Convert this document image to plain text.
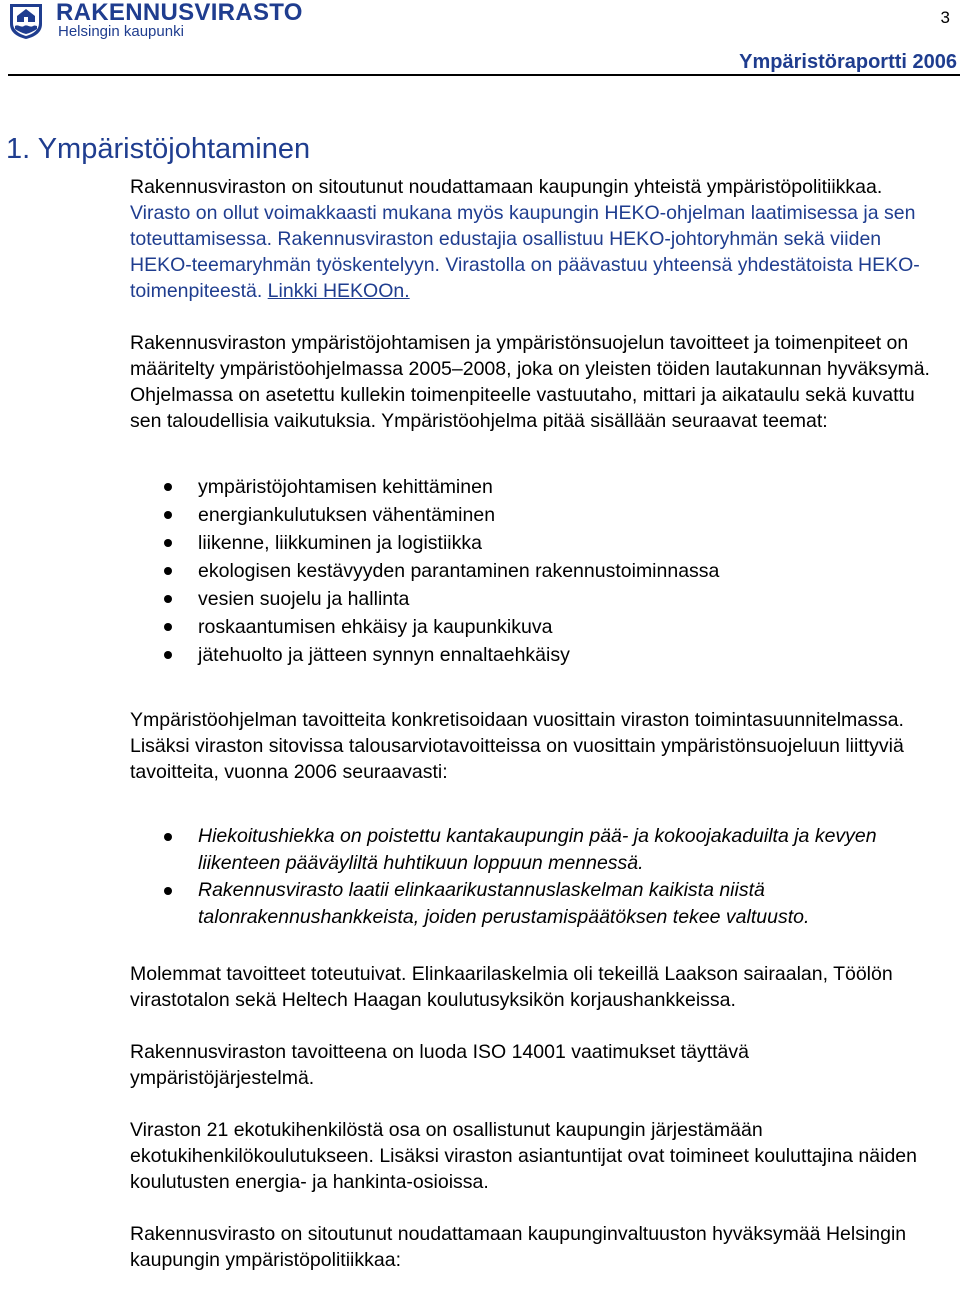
RAKENNUSVIRASTO
Helsingin kaupunki
3
Ympäristöraportti 2006
1. Ympäristöjohtaminen

Rakennusviraston on sitoutunut noudattamaan kaupungin yhteistä ympäristöpolitiikkaa. Virasto on ollut voimakkaasti mukana myös kaupungin HEKO-ohjelman laatimisessa ja sen toteuttamisessa. Rakennusviraston edustajia osallistuu HEKO-johtoryhmän sekä viiden HEKO-teemaryhmän työskentelyyn. Virastolla on päävastuu yhteensä yhdestätoista HEKO-toimenpiteestä. Linkki HEKOOn.

Rakennusviraston ympäristöjohtamisen ja ympäristönsuojelun tavoitteet ja toimenpiteet on määritelty ympäristöohjelmassa 2005–2008, joka on yleisten töiden lautakunnan hyväksymä. Ohjelmassa on asetettu kullekin toimenpiteelle vastuutaho, mittari ja aikataulu sekä kuvattu sen taloudellisia vaikutuksia. Ympäristöohjelma pitää sisällään seuraavat teemat:

ympäristöjohtamisen kehittäminen
energiankulutuksen vähentäminen
liikenne, liikkuminen ja logistiikka
ekologisen kestävyyden parantaminen rakennustoiminnassa
vesien suojelu ja hallinta
roskaantumisen ehkäisy ja kaupunkikuva
jätehuolto ja jätteen synnyn ennaltaehkäisy

Ympäristöohjelman tavoitteita konkretisoidaan vuosittain viraston toimintasuunnitelmassa. Lisäksi viraston sitovissa talousarviotavoitteissa on vuosittain ympäristönsuojeluun liittyviä tavoitteita, vuonna 2006 seuraavasti:

Hiekoitushiekka on poistettu kantakaupungin pää- ja kokoojakaduilta ja kevyen liikenteen pääväyliltä huhtikuun loppuun mennessä.
Rakennusvirasto laatii elinkaarikustannuslaskelman kaikista niistä talonrakennushankkeista, joiden perustamispäätöksen tekee valtuusto.

Molemmat tavoitteet toteutuivat. Elinkaarilaskelmia oli tekeillä Laakson sairaalan, Töölön virastotalon sekä Heltech Haagan koulutusyksikön korjaushankkeissa.

Rakennusviraston tavoitteena on luoda ISO 14001 vaatimukset täyttävä ympäristöjärjestelmä.

Viraston 21 ekotukihenkilöstä osa on osallistunut kaupungin järjestämään ekotukihenkilökoulutukseen. Lisäksi viraston asiantuntijat ovat toimineet kouluttajina näiden koulutusten energia- ja hankinta-osioissa.

Rakennusvirasto on sitoutunut noudattamaan kaupunginvaltuuston hyväksymää Helsingin kaupungin ympäristöpolitiikkaa:
